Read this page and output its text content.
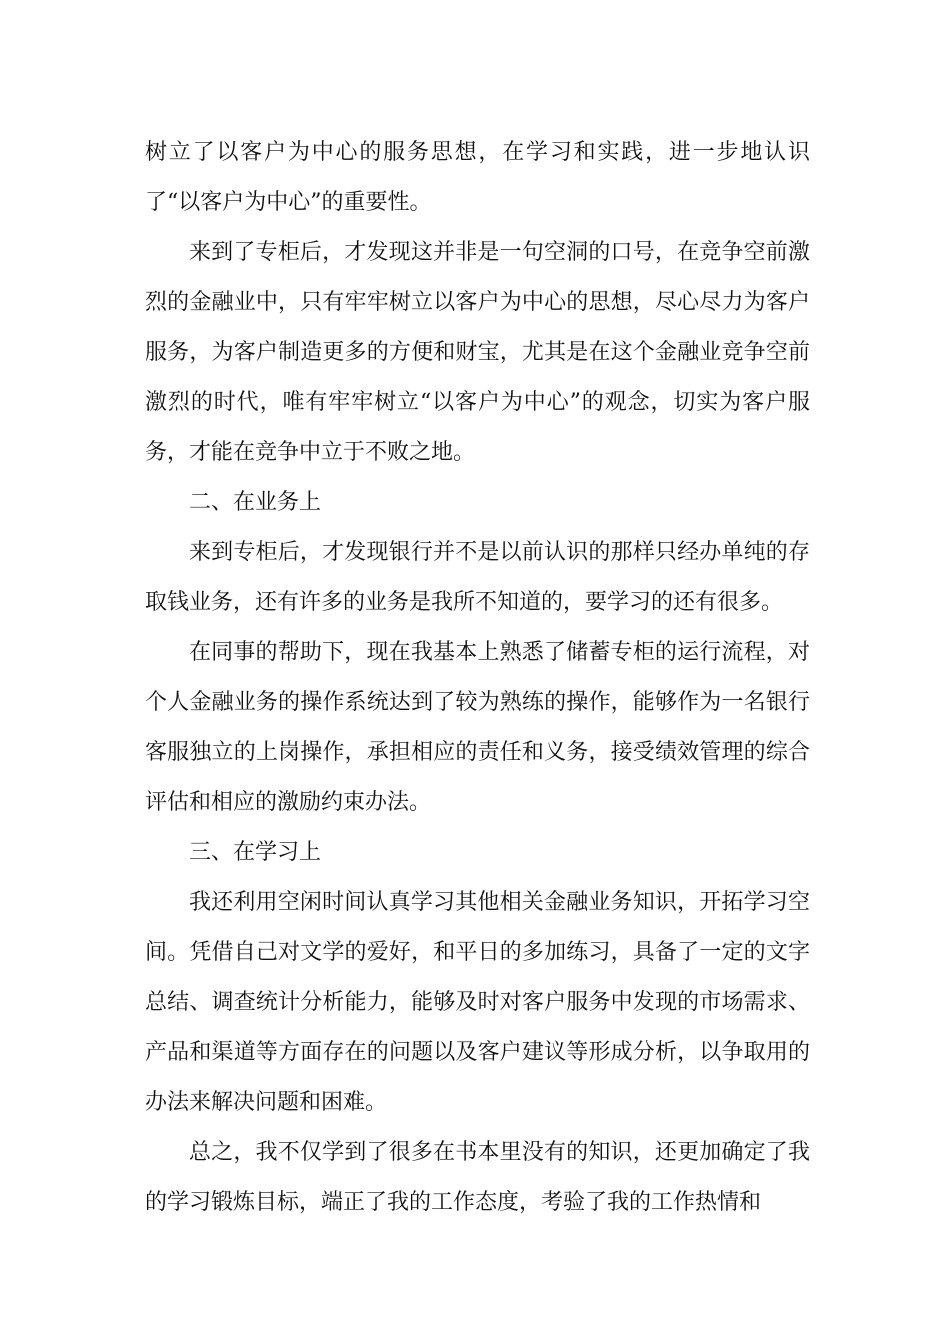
树立了以客户为中心的服务思想，在学习和实践，进一步地认识了“以客户为中心”的重要性。

来到了专柜后，才发现这并非是一句空洞的口号，在竞争空前激烈的金融业中，只有牢牢树立以客户为中心的思想，尽心尽力为客户服务，为客户制造更多的方便和财宝，尤其是在这个金融业竞争空前激烈的时代，唯有牢牢树立“以客户为中心”的观念，切实为客户服务，才能在竞争中立于不败之地。

二、在业务上

来到专柜后，才发现银行并不是以前认识的那样只经办单纯的存取钱业务，还有许多的业务是我所不知道的，要学习的还有很多。

在同事的帮助下，现在我基本上熟悉了储蓄专柜的运行流程，对个人金融业务的操作系统达到了较为熟练的操作，能够作为一名银行客服独立的上岗操作，承担相应的责任和义务，接受绩效管理的综合评估和相应的激励约束办法。

三、在学习上

我还利用空闲时间认真学习其他相关金融业务知识，开拓学习空间。凭借自己对文学的爱好，和平日的多加练习，具备了一定的文字总结、调查统计分析能力，能够及时对客户服务中发现的市场需求、产品和渠道等方面存在的问题以及客户建议等形成分析，以争取用的办法来解决问题和困难。

总之，我不仅学到了很多在书本里没有的知识，还更加确定了我的学习锻炼目标，端正了我的工作态度，考验了我的工作热情和
